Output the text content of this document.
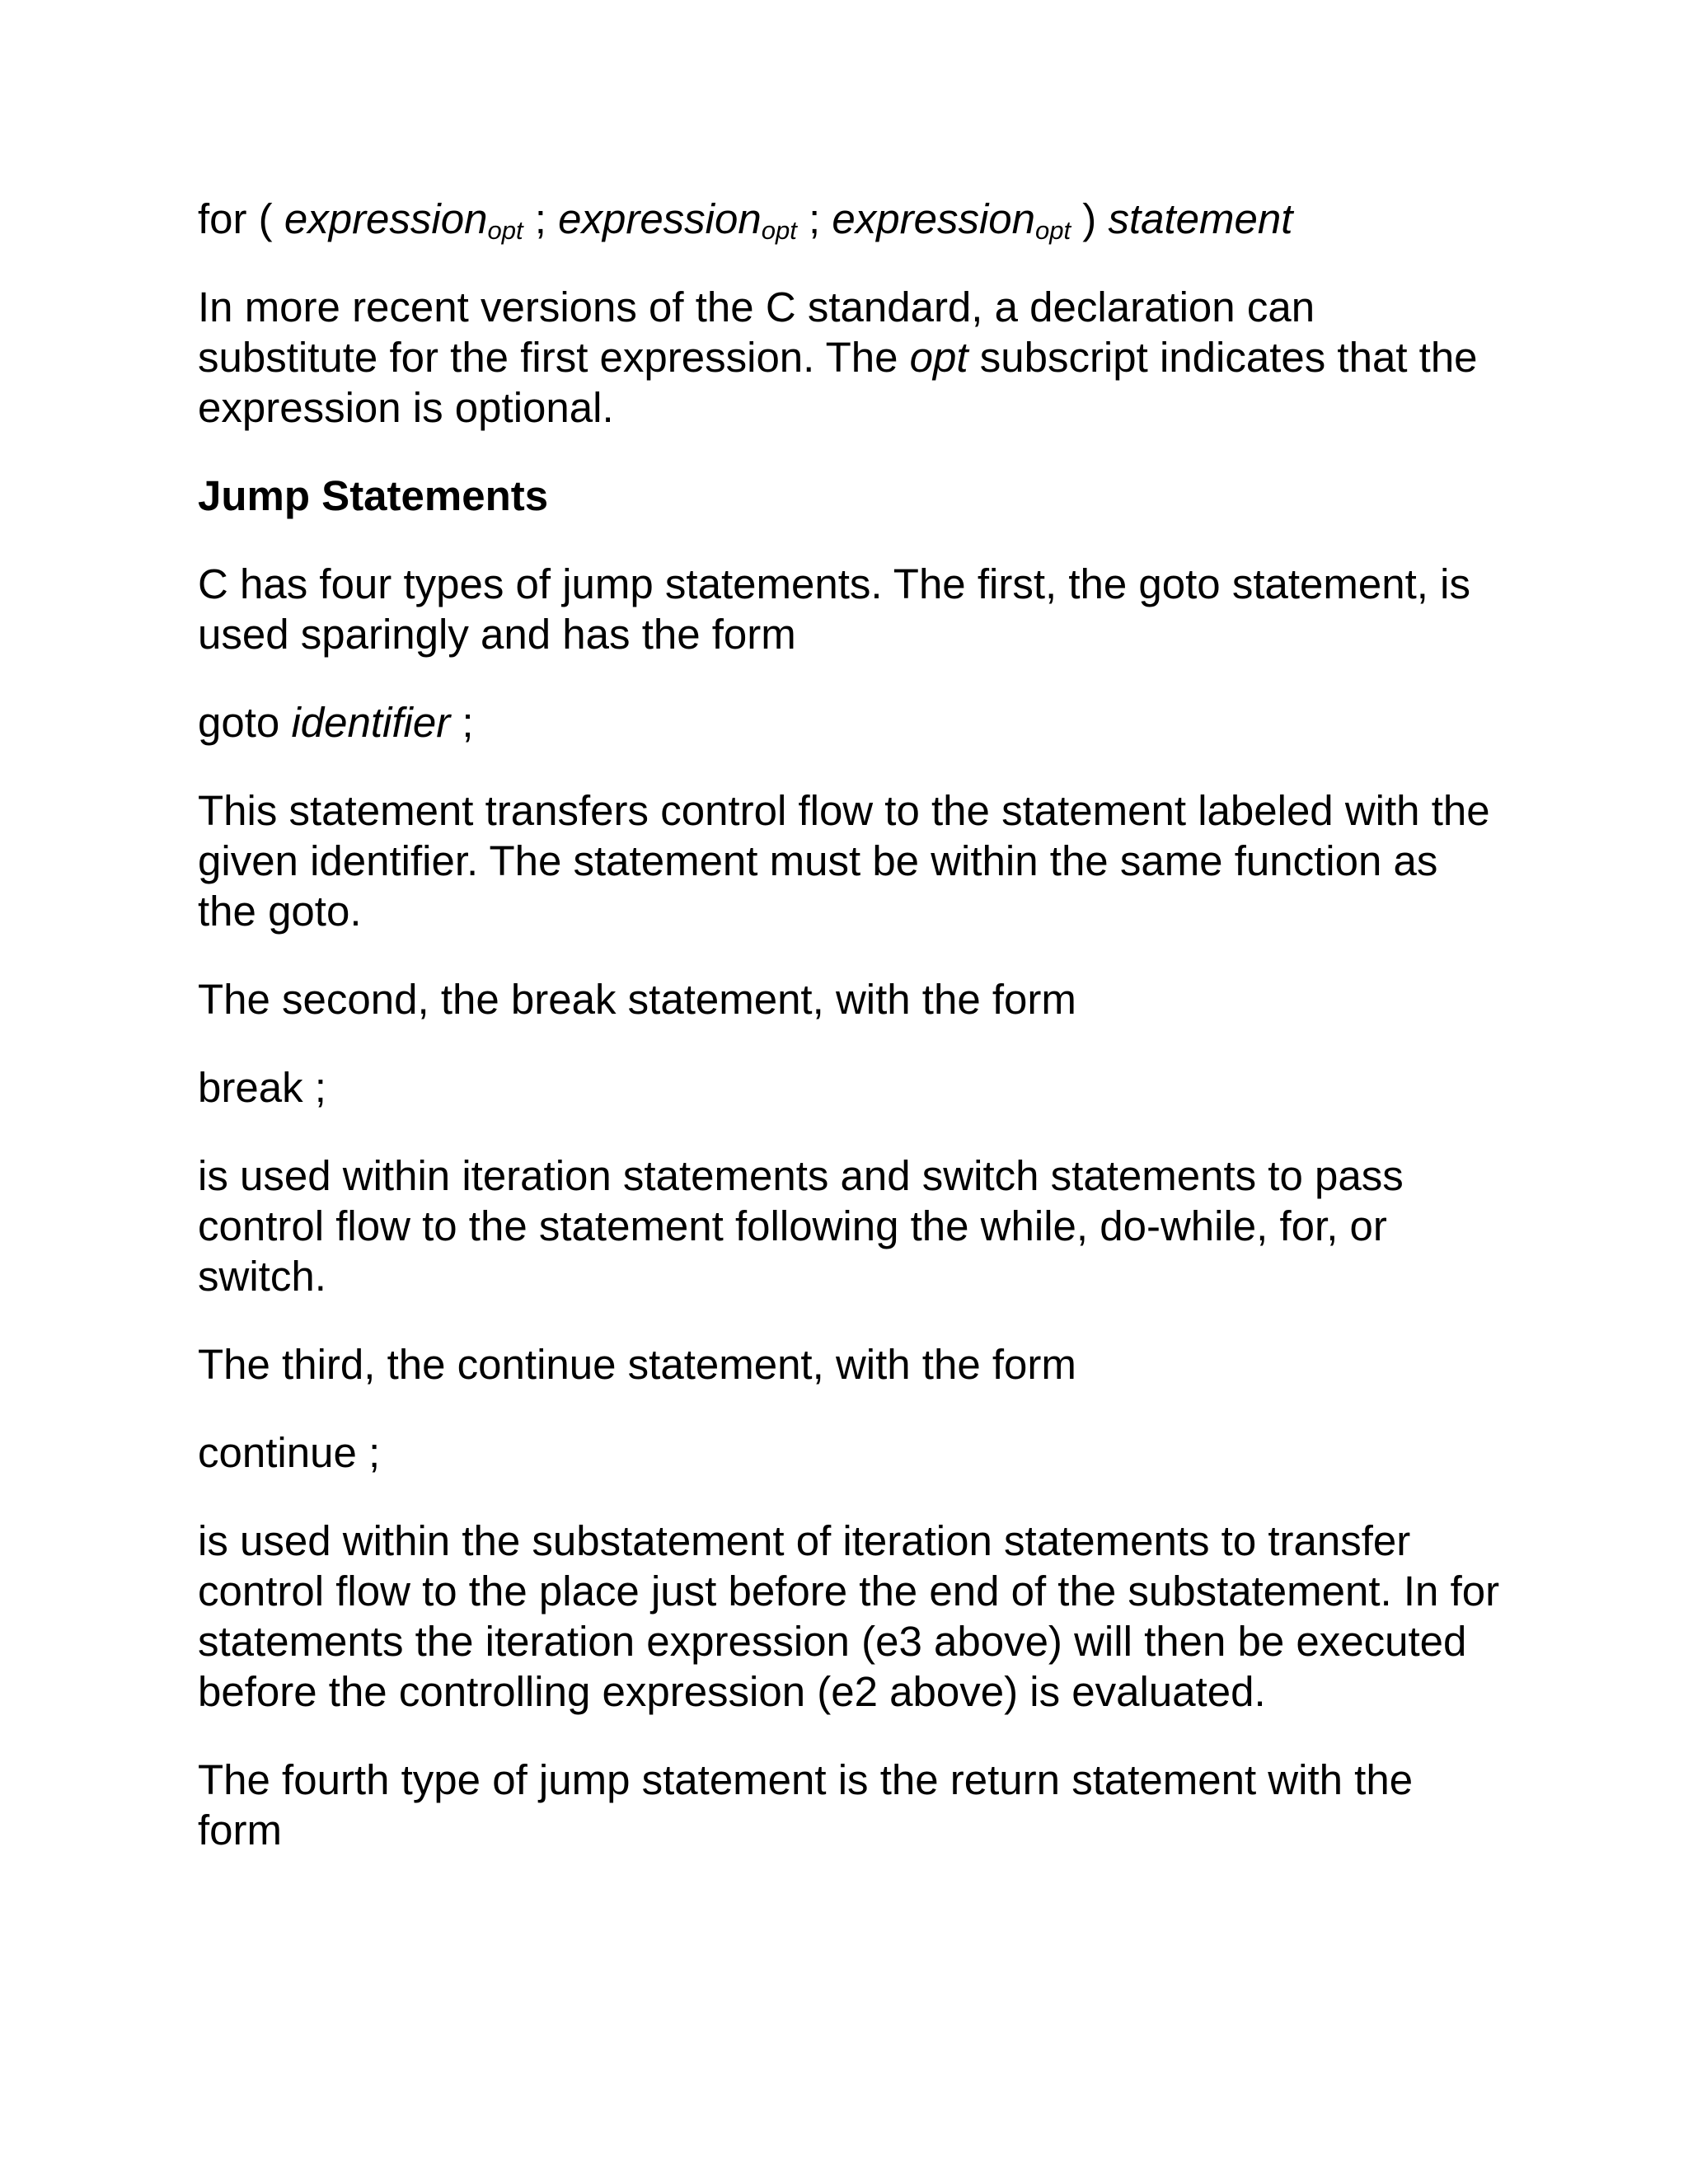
for ( expression$_{opt}$ ; expression$_{opt}$ ; expression$_{opt}$ ) statement

In more recent versions of the C standard, a declaration can substitute for the first expression. The opt subscript indicates that the expression is optional.

Jump Statements

C has four types of jump statements. The first, the goto statement, is used sparingly and has the form

goto identifier ;

This statement transfers control flow to the statement labeled with the given identifier. The statement must be within the same function as the goto.

The second, the break statement, with the form

break ;

is used within iteration statements and switch statements to pass control flow to the statement following the while, do-while, for, or switch.

The third, the continue statement, with the form

continue ;

is used within the substatement of iteration statements to transfer control flow to the place just before the end of the substatement. In for statements the iteration expression (e3 above) will then be executed before the controlling expression (e2 above) is evaluated.

The fourth type of jump statement is the return statement with the form
